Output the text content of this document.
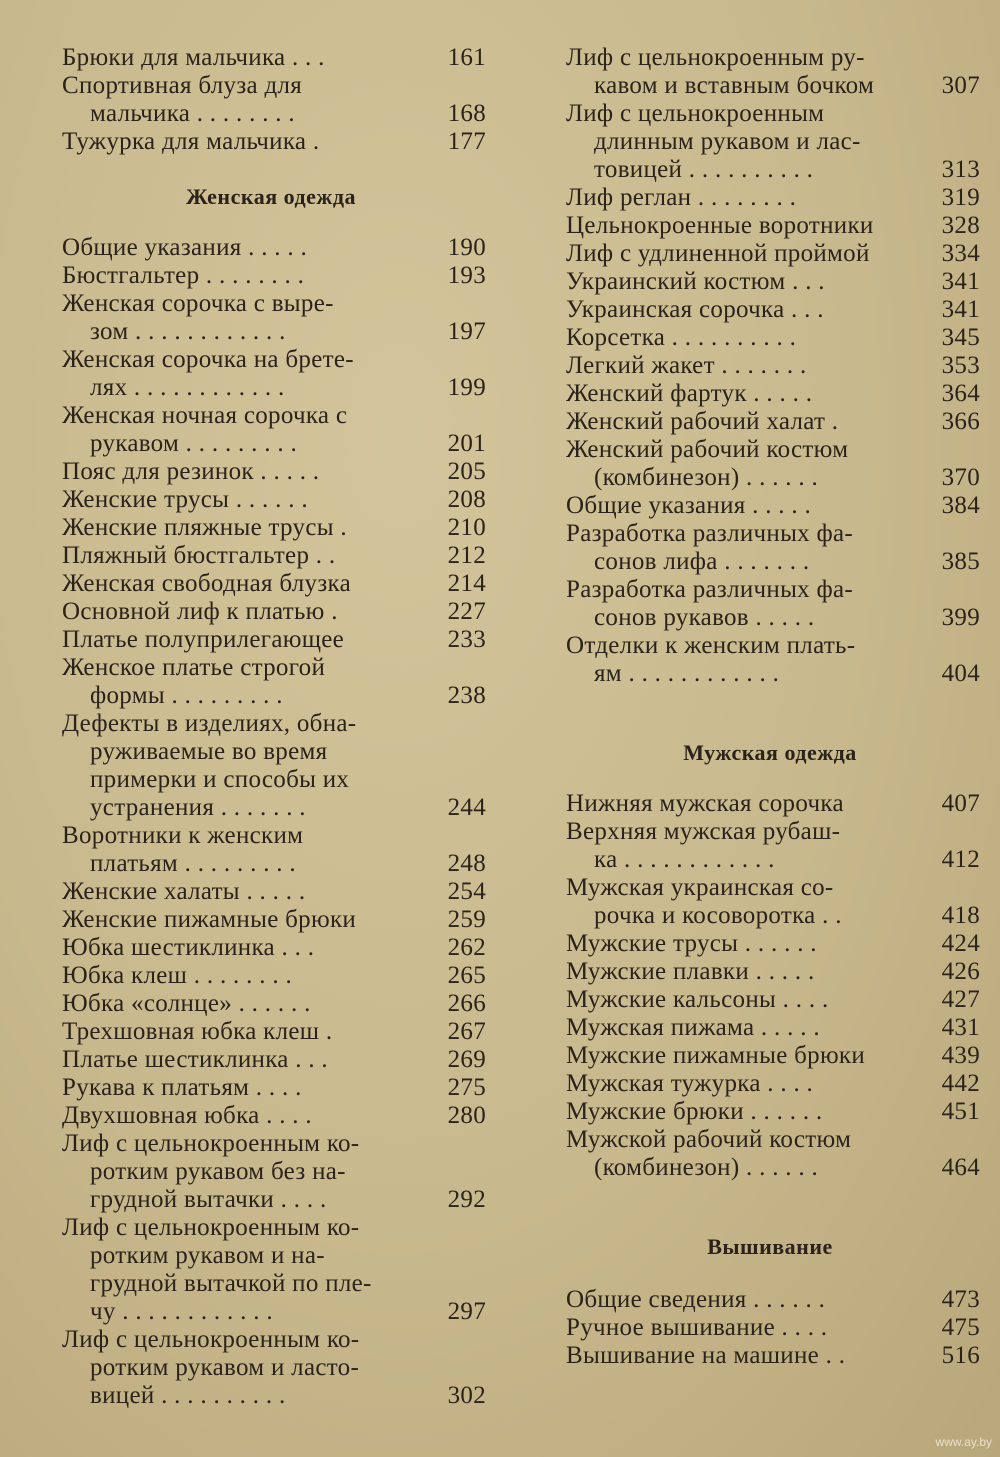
Брюки для мальчика . . .	161
Спортивная блуза для
мальчика . . . . . . . .	168
Тужурка для мальчика .	177
Женская одежда
Общие указания . . . . .	190
Бюстгальтер . . . . . . . .	193
Женская сорочка с выре-
зом . . . . . . . . . . . .	197
Женская сорочка на брете-
лях . . . . . . . . . . . .	199
Женская ночная сорочка с
рукавом . . . . . . . . .	201
Пояс для резинок . . . . .	205
Женские трусы . . . . . .	208
Женские пляжные трусы .	210
Пляжный бюстгальтер . .	212
Женская свободная блузка	214
Основной лиф к платью .	227
Платье полуприлегающее	233
Женское платье строгой
формы . . . . . . . . .	238
Дефекты в изделиях, обна-
руживаемые во время
примерки и способы их
устранения . . . . . . .	244
Воротники к женским
платьям . . . . . . . . .	248
Женские халаты . . . . .	254
Женские пижамные брюки	259
Юбка шестиклинка . . .	262
Юбка клеш . . . . . . . .	265
Юбка «солнце» . . . . . .	266
Трехшовная юбка клеш .	267
Платье шестиклинка . . .	269
Рукава к платьям . . . .	275
Двухшовная юбка . . . .	280
Лиф с цельнокроенным ко-
ротким рукавом без на-
грудной вытачки . . . .	292
Лиф с цельнокроенным ко-
ротким рукавом и на-
грудной вытачкой по пле-
чу . . . . . . . . . . . .	297
Лиф с цельнокроенным ко-
ротким рукавом и ласто-
вицей . . . . . . . . . .	302
Лиф с цельнокроенным ру-
кавом и вставным бочком	307
Лиф с цельнокроенным
длинным рукавом и лас-
товицей . . . . . . . . . .	313
Лиф реглан . . . . . . . .	319
Цельнокроенные воротники	328
Лиф с удлиненной проймой	334
Украинский костюм . . .	341
Украинская сорочка . . .	341
Корсетка . . . . . . . . . .	345
Легкий жакет . . . . . . .	353
Женский фартук . . . . .	364
Женский рабочий халат .	366
Женский рабочий костюм
(комбинезон) . . . . . .	370
Общие указания . . . . .	384
Разработка различных фа-
сонов лифа . . . . . . .	385
Разработка различных фа-
сонов рукавов . . . . .	399
Отделки к женским плать-
ям . . . . . . . . . . . .	404
Мужская одежда
Нижняя мужская сорочка	407
Верхняя мужская рубаш-
ка . . . . . . . . . . . .	412
Мужская украинская со-
рочка и косоворотка . .	418
Мужские трусы . . . . . .	424
Мужские плавки . . . . .	426
Мужские кальсоны . . . .	427
Мужская пижама . . . . .	431
Мужские пижамные брюки	439
Мужская тужурка . . . .	442
Мужские брюки . . . . . .	451
Мужской рабочий костюм
(комбинезон) . . . . . .	464
Вышивание
Общие сведения . . . . . .	473
Ручное вышивание . . . .	475
Вышивание на машине . .	516
www.ay.by
